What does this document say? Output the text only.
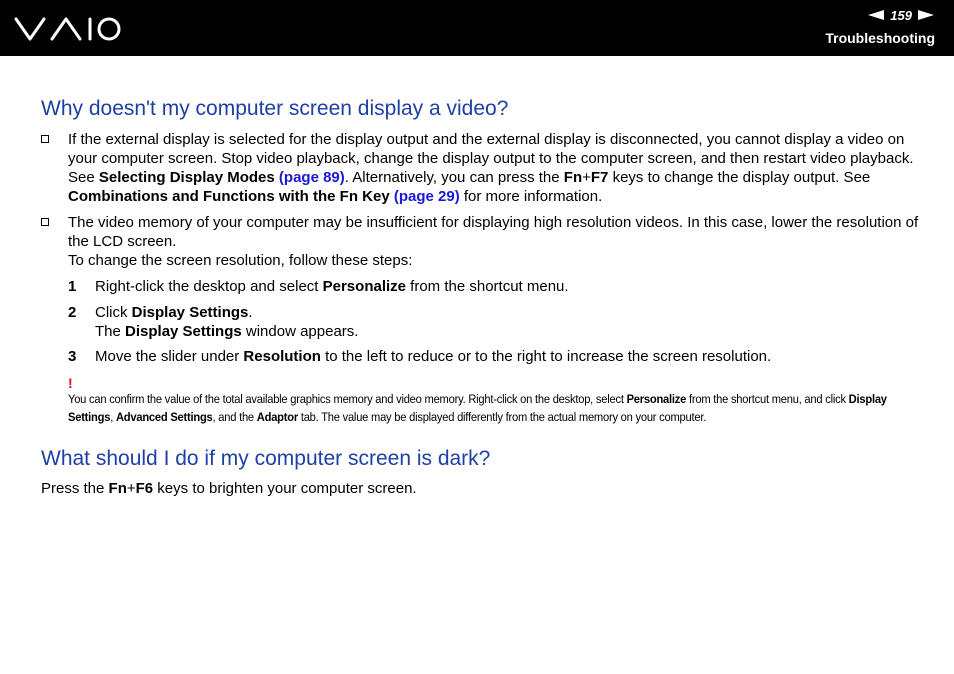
159
Troubleshooting
Why doesn't my computer screen display a video?
If the external display is selected for the display output and the external display is disconnected, you cannot display a video on your computer screen. Stop video playback, change the display output to the computer screen, and then restart video playback. See Selecting Display Modes (page 89). Alternatively, you can press the Fn+F7 keys to change the display output. See Combinations and Functions with the Fn Key (page 29) for more information.
The video memory of your computer may be insufficient for displaying high resolution videos. In this case, lower the resolution of the LCD screen.
To change the screen resolution, follow these steps:
1 Right-click the desktop and select Personalize from the shortcut menu.
2 Click Display Settings.
The Display Settings window appears.
3 Move the slider under Resolution to the left to reduce or to the right to increase the screen resolution.
!
You can confirm the value of the total available graphics memory and video memory. Right-click on the desktop, select Personalize from the shortcut menu, and click Display Settings, Advanced Settings, and the Adaptor tab. The value may be displayed differently from the actual memory on your computer.
What should I do if my computer screen is dark?

Press the Fn+F6 keys to brighten your computer screen.
